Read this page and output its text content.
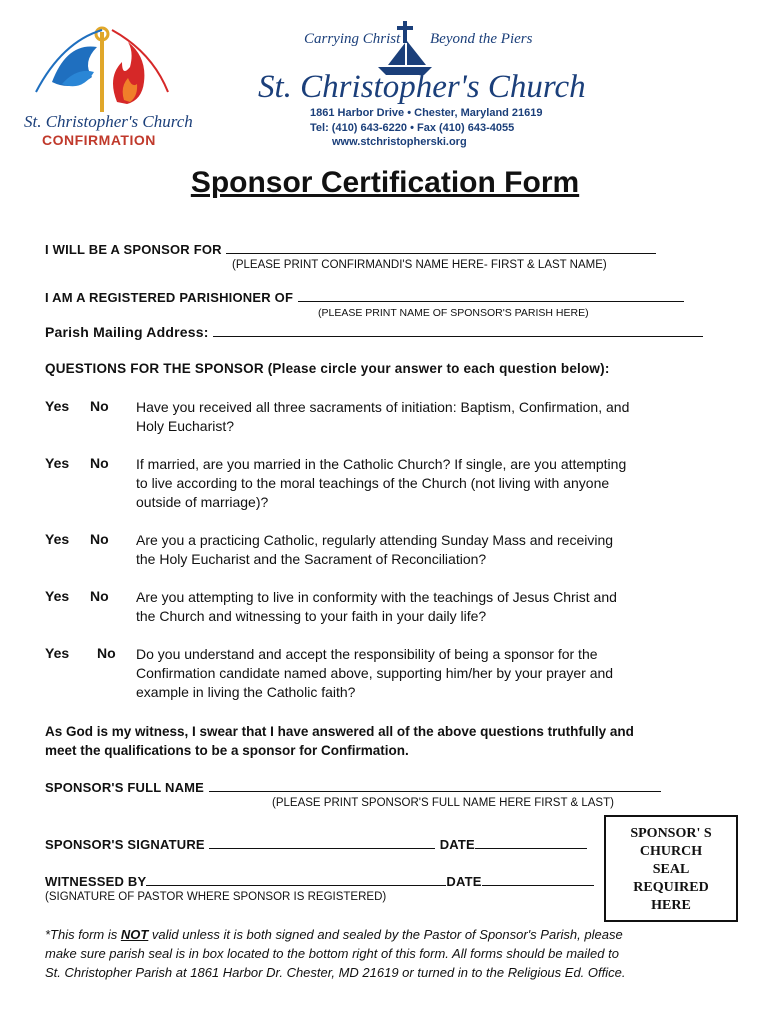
St. Christopher's Church
CONFIRMATION
Carrying Christ Beyond the Piers
St. Christopher's Church
1861 Harbor Drive • Chester, Maryland 21619
Tel: (410) 643-6220 • Fax (410) 643-4055
www.stchristopherski.org
Sponsor Certification Form
I WILL BE A SPONSOR FOR
(PLEASE PRINT CONFIRMANDI'S NAME HERE- FIRST & LAST NAME)
I AM A REGISTERED PARISHIONER OF
(PLEASE PRINT NAME OF SPONSOR'S PARISH HERE)
Parish Mailing Address:
QUESTIONS FOR THE SPONSOR (Please circle your answer to each question below):
Yes No Have you received all three sacraments of initiation: Baptism, Confirmation, and
Holy Eucharist?
Yes No If married, are you married in the Catholic Church? If single, are you attempting
to live according to the moral teachings of the Church (not living with anyone
outside of marriage)?
Yes No Are you a practicing Catholic, regularly attending Sunday Mass and receiving
the Holy Eucharist and the Sacrament of Reconciliation?
Yes No Are you attempting to live in conformity with the teachings of Jesus Christ and
the Church and witnessing to your faith in your daily life?
Yes No Do you understand and accept the responsibility of being a sponsor for the
Confirmation candidate named above, supporting him/her by your prayer and
example in living the Catholic faith?
As God is my witness, I swear that I have answered all of the above questions truthfully and
meet the qualifications to be a sponsor for Confirmation.
SPONSOR'S FULL NAME
(PLEASE PRINT SPONSOR'S FULL NAME HERE FIRST & LAST)
SPONSOR'S SIGNATURE	DATE
WITNESSED BY	DATE
(SIGNATURE OF PASTOR WHERE SPONSOR IS REGISTERED)
SPONSOR' S
CHURCH
SEAL
REQUIRED
HERE
*This form is NOT valid unless it is both signed and sealed by the Pastor of Sponsor's Parish, please
make sure parish seal is in box located to the bottom right of this form. All forms should be mailed to
St. Christopher Parish at 1861 Harbor Dr. Chester, MD 21619 or turned in to the Religious Ed. Office.
